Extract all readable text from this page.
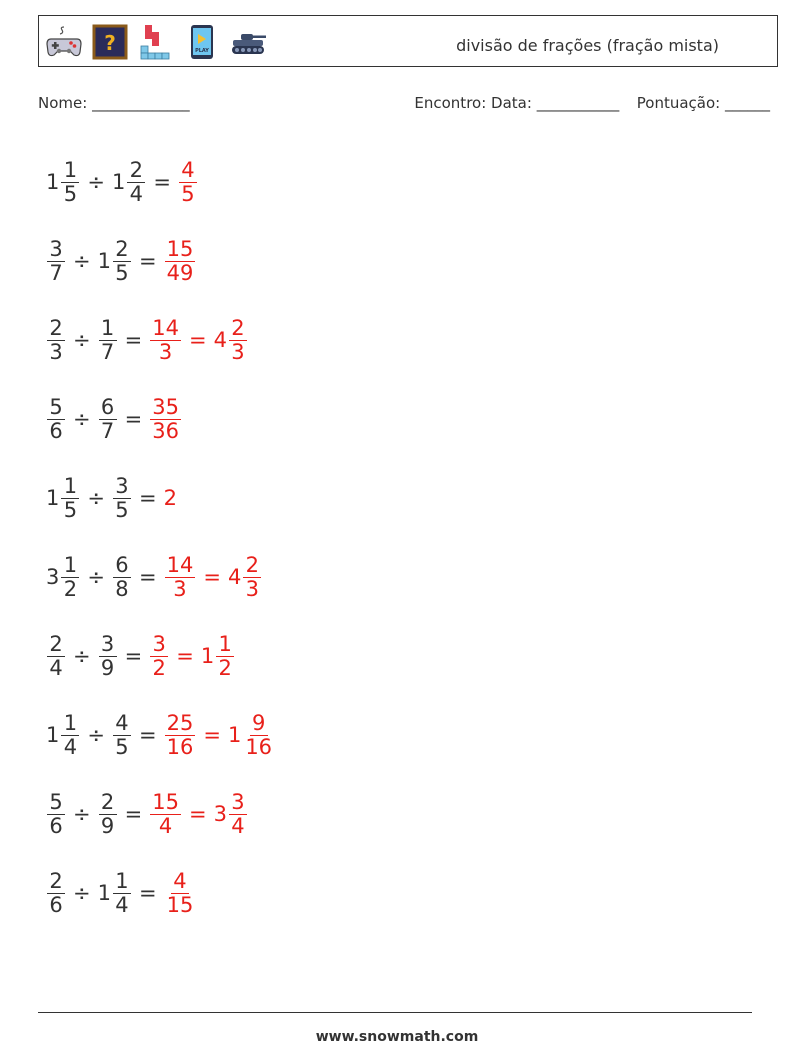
?	PLAY	divisão de frações (fração mista)
Nome: _____________	Encontro: Data: ___________ Pontuação: ______
$1 \frac{1}{5} \div 1 \frac{2}{4} = \frac{4}{5}$
$\frac{3}{7} \div 1 \frac{2}{5} = \frac{15}{49}$
$\frac{2}{3} \div \frac{1}{7} = \frac{14}{3} = 4 \frac{2}{3}$
$\frac{5}{6} \div \frac{6}{7} = \frac{35}{36}$
$1 \frac{1}{5} \div \frac{3}{5} = 2$
$3 \frac{1}{2} \div \frac{6}{8} = \frac{14}{3} = 4 \frac{2}{3}$
$\frac{2}{4} \div \frac{3}{9} = \frac{3}{2} = 1 \frac{1}{2}$
$1 \frac{1}{4} \div \frac{4}{5} = \frac{25}{16} = 1 \frac{9}{16}$
$\frac{5}{6} \div \frac{2}{9} = \frac{15}{4} = 3 \frac{3}{4}$
$\frac{2}{6} \div 1 \frac{1}{4} = \frac{4}{15}$
www.snowmath.com
